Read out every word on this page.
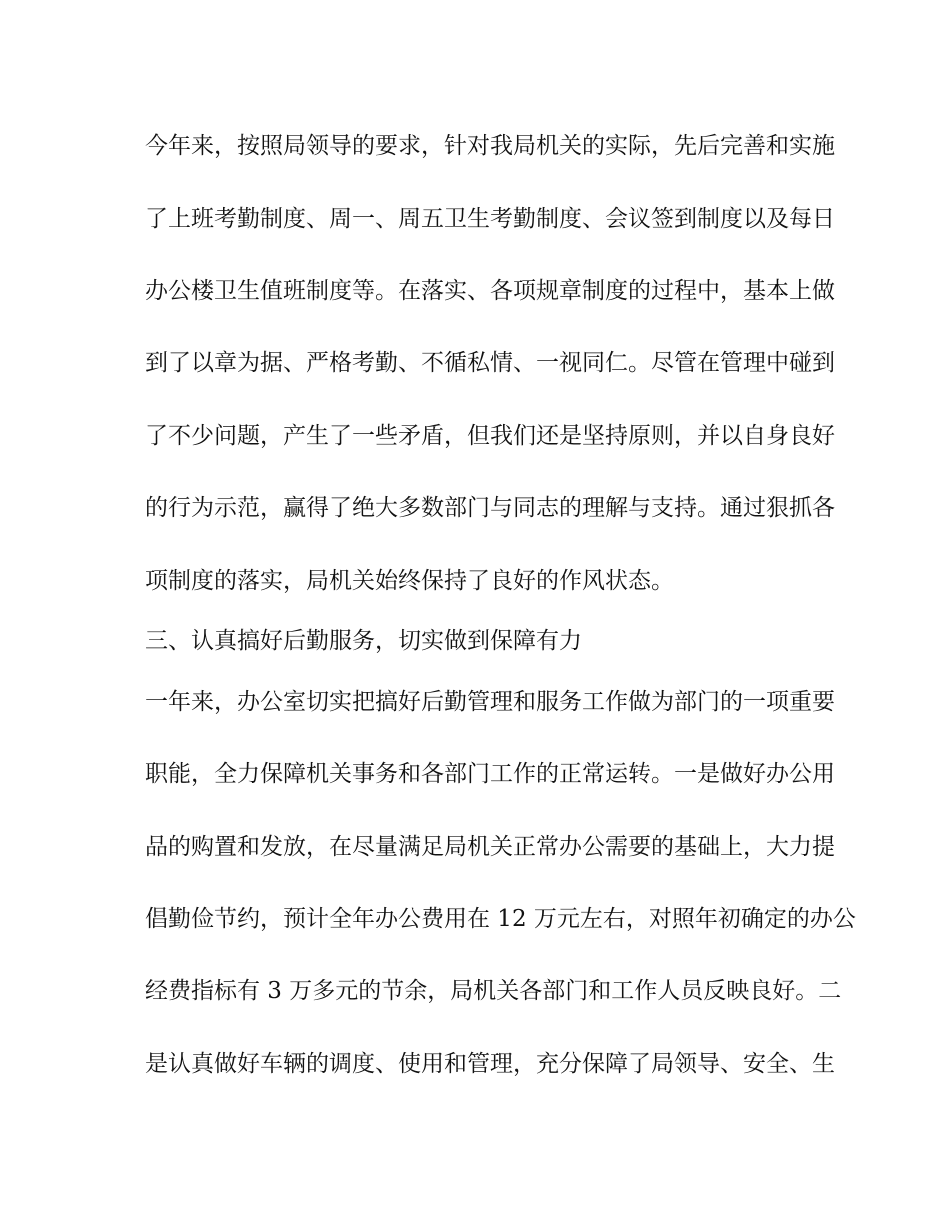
今年来，按照局领导的要求，针对我局机关的实际，先后完善和实施
了上班考勤制度、周一、周五卫生考勤制度、会议签到制度以及每日
办公楼卫生值班制度等。在落实、各项规章制度的过程中，基本上做
到了以章为据、严格考勤、不循私情、一视同仁。尽管在管理中碰到
了不少问题，产生了一些矛盾，但我们还是坚持原则，并以自身良好
的行为示范，赢得了绝大多数部门与同志的理解与支持。通过狠抓各
项制度的落实，局机关始终保持了良好的作风状态。
三、认真搞好后勤服务，切实做到保障有力
一年来，办公室切实把搞好后勤管理和服务工作做为部门的一项重要
职能，全力保障机关事务和各部门工作的正常运转。一是做好办公用
品的购置和发放，在尽量满足局机关正常办公需要的基础上，大力提
倡勤俭节约，预计全年办公费用在 12 万元左右，对照年初确定的办公
经费指标有 3 万多元的节余，局机关各部门和工作人员反映良好。二
是认真做好车辆的调度、使用和管理，充分保障了局领导、安全、生
